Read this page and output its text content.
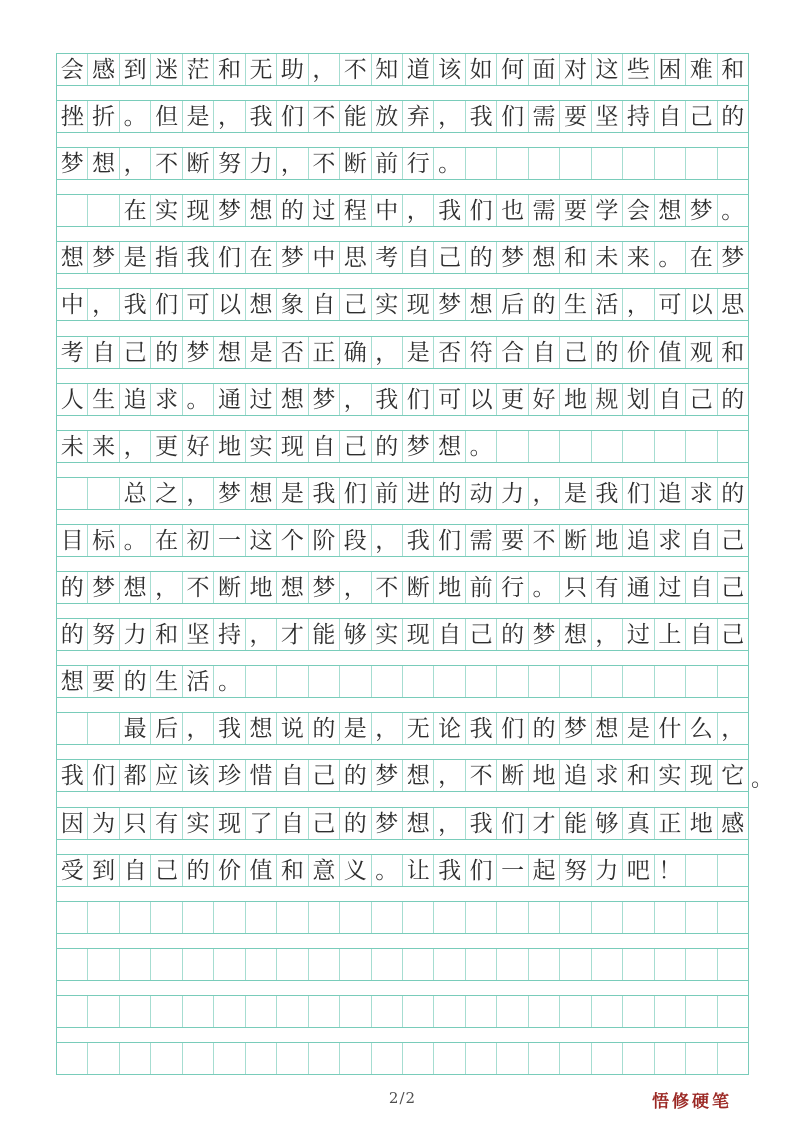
会 感 到 迷 茫 和 无 助 ， 不 知 道 该 如 何 面 对 这 些 困 难 和
挫 折 。 但 是 ， 我 们 不 能 放 弃 ， 我 们 需 要 坚 持 自 己 的
梦 想 ， 不 断 努 力 ， 不 断 前 行 。
在 实 现 梦 想 的 过 程 中 ， 我 们 也 需 要 学 会 想 梦 。
想 梦 是 指 我 们 在 梦 中 思 考 自 己 的 梦 想 和 未 来 。 在 梦
中 ， 我 们 可 以 想 象 自 己 实 现 梦 想 后 的 生 活 ， 可 以 思
考 自 己 的 梦 想 是 否 正 确 ， 是 否 符 合 自 己 的 价 值 观 和
人 生 追 求 。 通 过 想 梦 ， 我 们 可 以 更 好 地 规 划 自 己 的
未 来 ， 更 好 地 实 现 自 己 的 梦 想 。
总 之 ， 梦 想 是 我 们 前 进 的 动 力 ， 是 我 们 追 求 的
目 标 。 在 初 一 这 个 阶 段 ， 我 们 需 要 不 断 地 追 求 自 己
的 梦 想 ， 不 断 地 想 梦 ， 不 断 地 前 行 。 只 有 通 过 自 己
的 努 力 和 坚 持 ， 才 能 够 实 现 自 己 的 梦 想 ， 过 上 自 己
想 要 的 生 活 。
最 后 ， 我 想 说 的 是 ， 无 论 我 们 的 梦 想 是 什 么 ，
我 们 都 应 该 珍 惜 自 己 的 梦 想 ， 不 断 地 追 求 和 实 现 它
因 为 只 有 实 现 了 自 己 的 梦 想 ， 我 们 才 能 够 真 正 地 感
受 到 自 己 的 价 值 和 意 义 。 让 我 们 一 起 努 力 吧 ！
。
2/2	悟修硬笔
